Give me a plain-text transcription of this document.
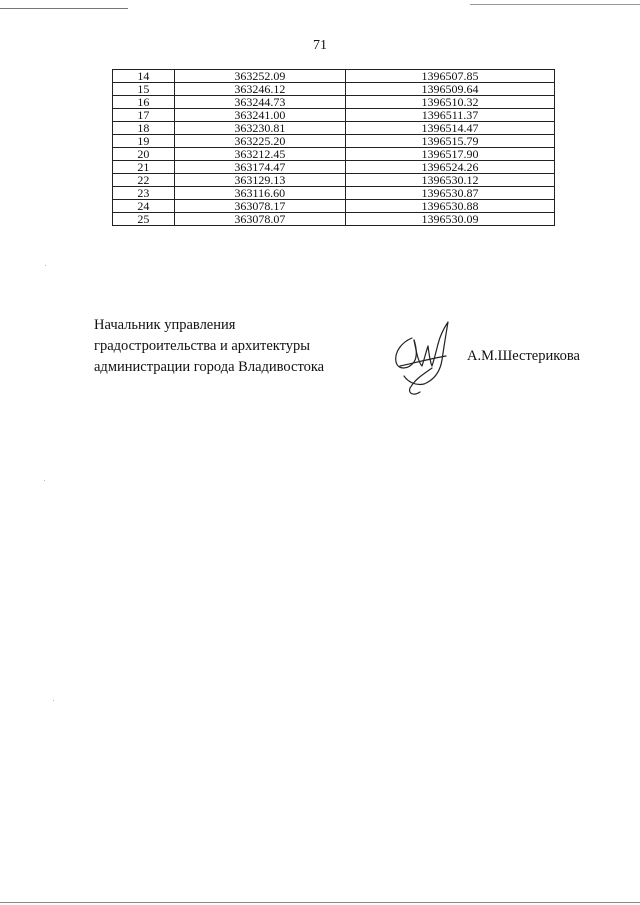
71
14	363252.09	1396507.85
15	363246.12	1396509.64
16	363244.73	1396510.32
17	363241.00	1396511.37
18	363230.81	1396514.47
19	363225.20	1396515.79
20	363212.45	1396517.90
21	363174.47	1396524.26
22	363129.13	1396530.12
23	363116.60	1396530.87
24	363078.17	1396530.88
25	363078.07	1396530.09
Начальник управления
градостроительства и архитектуры
администрации города Владивостока
А.М.Шестерикова
